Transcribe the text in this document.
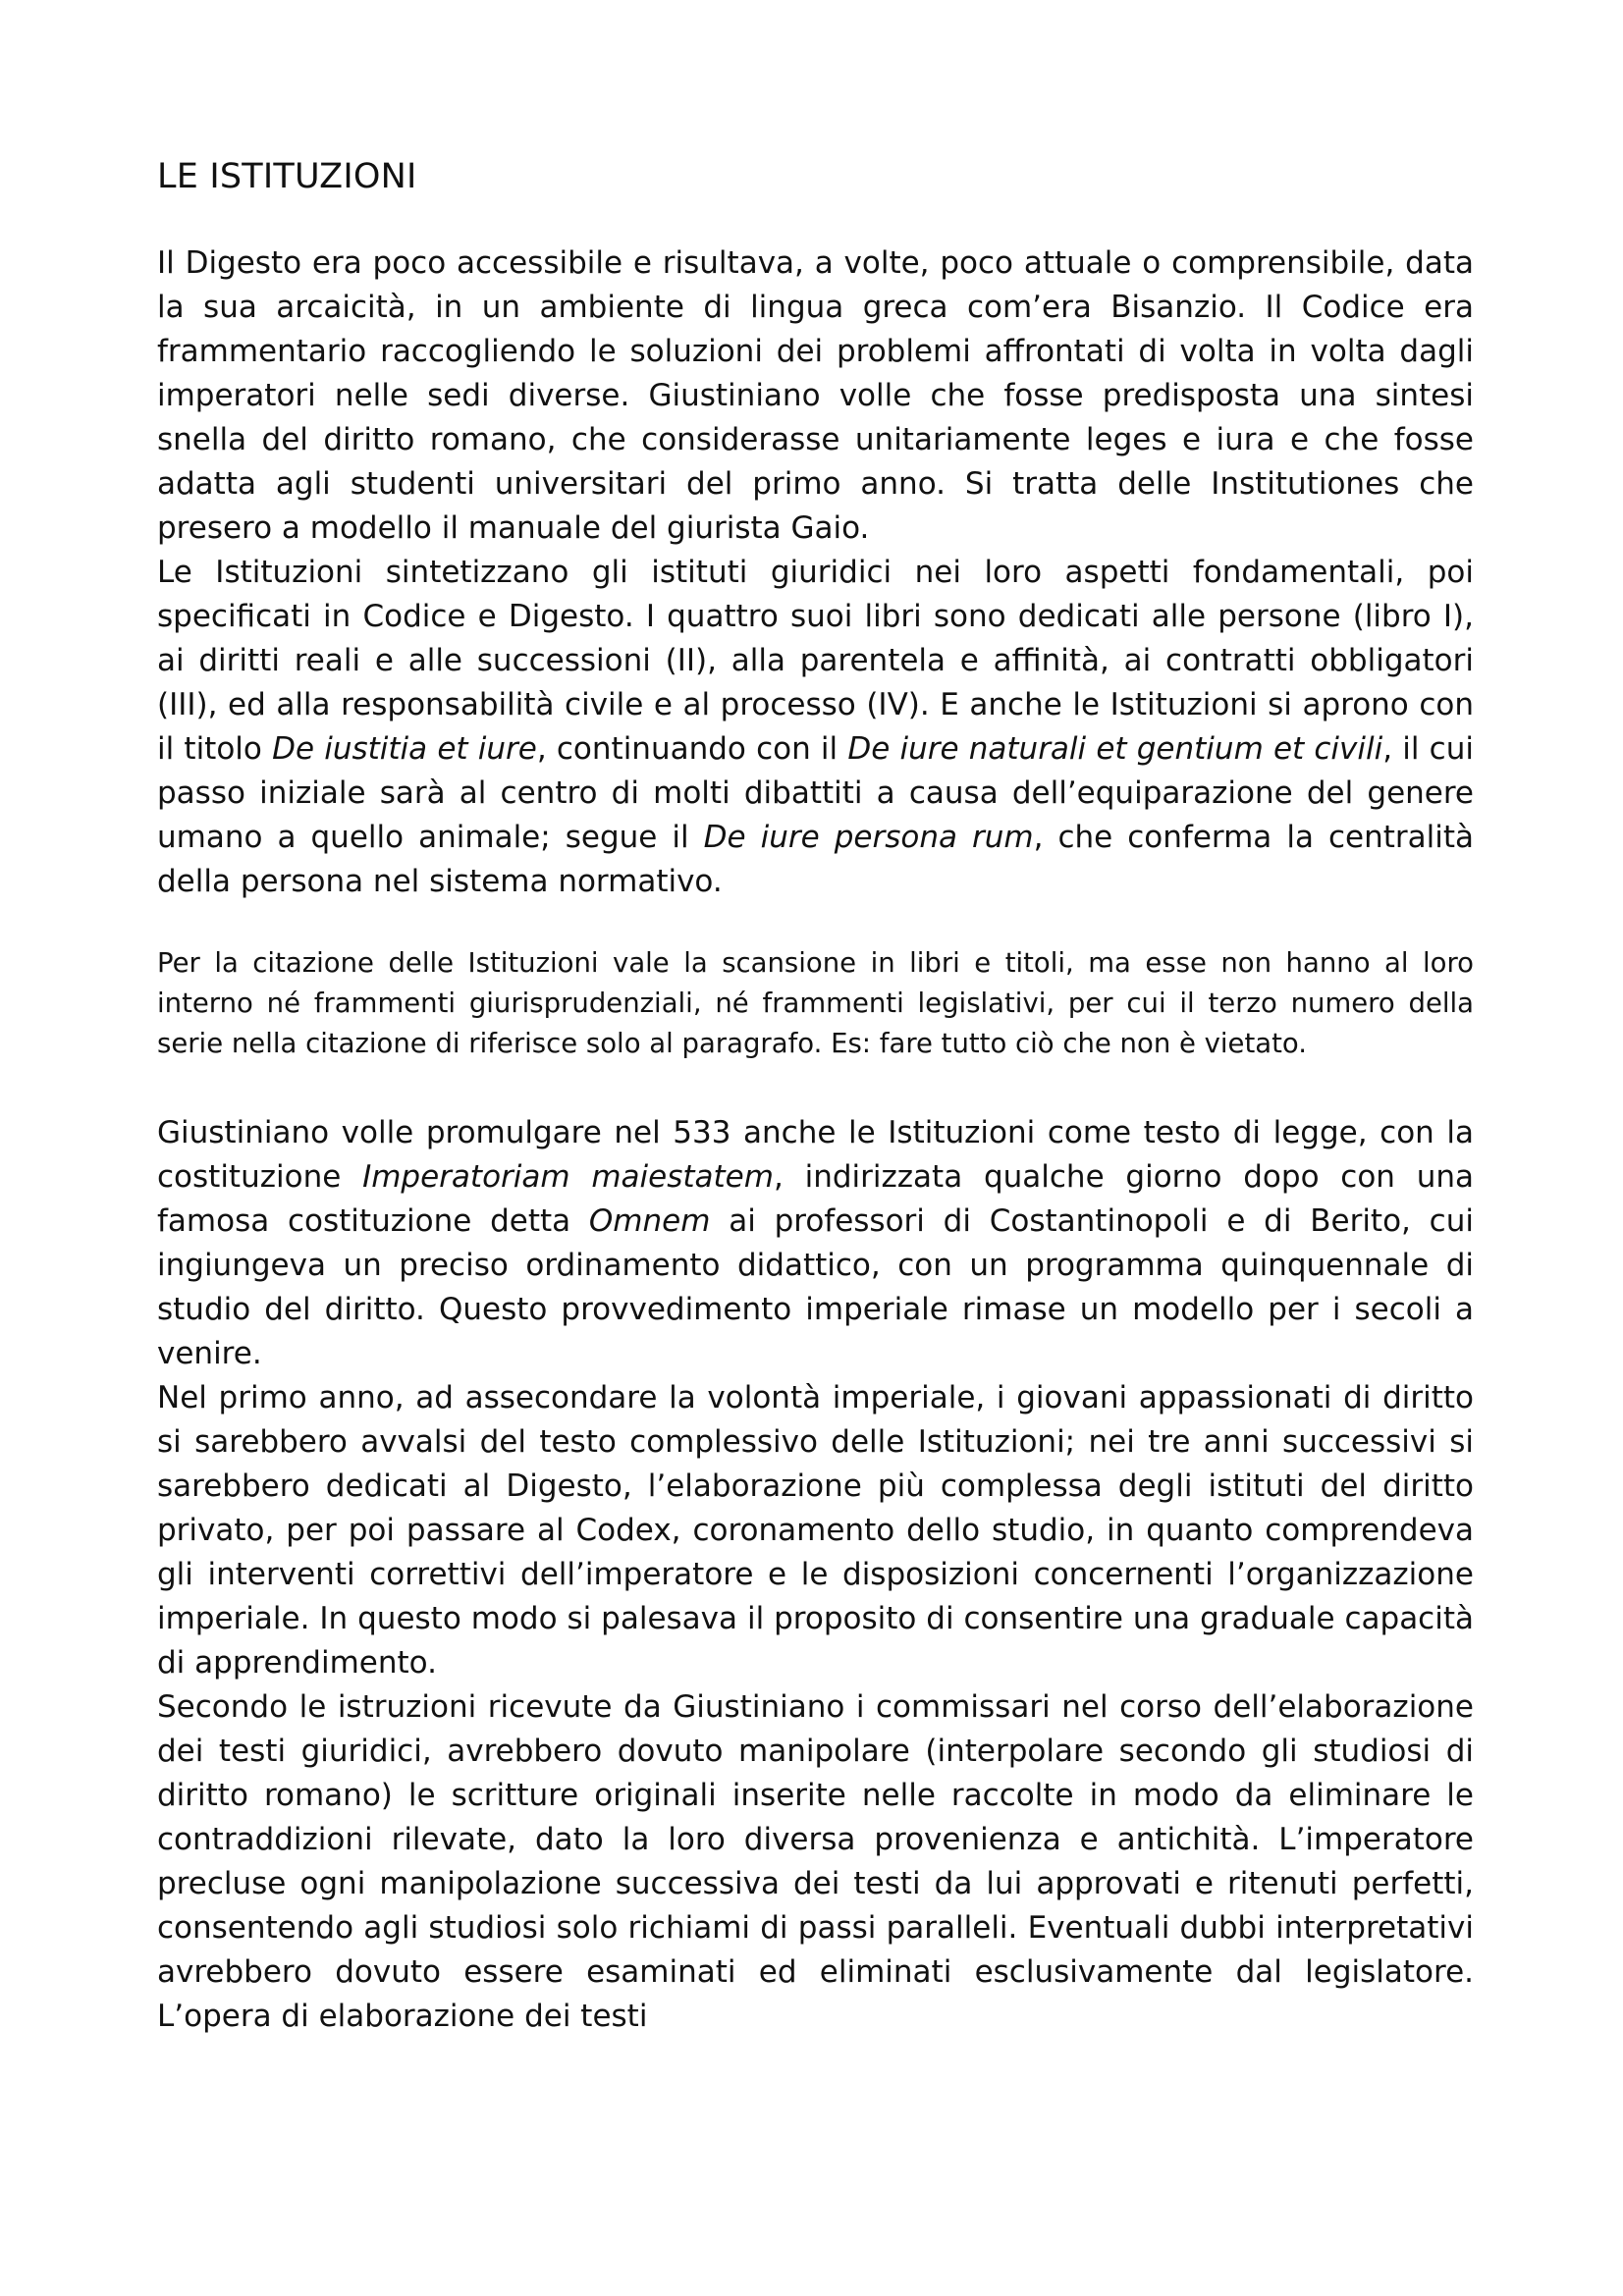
LE ISTITUZIONI

Il Digesto era poco accessibile e risultava, a volte, poco attuale o comprensibile, data la sua arcaicità, in un ambiente di lingua greca com’era Bisanzio. Il Codice era frammentario raccogliendo le soluzioni dei problemi affrontati di volta in volta dagli imperatori nelle sedi diverse. Giustiniano volle che fosse predisposta una sintesi snella del diritto romano, che considerasse unitariamente leges e iura e che fosse adatta agli studenti universitari del primo anno. Si tratta delle Institutiones che presero a modello il manuale del giurista Gaio.

Le Istituzioni sintetizzano gli istituti giuridici nei loro aspetti fondamentali, poi specificati in Codice e Digesto. I quattro suoi libri sono dedicati alle persone (libro I), ai diritti reali e alle successioni (II), alla parentela e affinità, ai contratti obbligatori (III), ed alla responsabilità civile e al processo (IV). E anche le Istituzioni si aprono con il titolo De iustitia et iure, continuando con il De iure naturali et gentium et civili, il cui passo iniziale sarà al centro di molti dibattiti a causa dell’equiparazione del genere umano a quello animale; segue il De iure persona rum, che conferma la centralità della persona nel sistema normativo.

Per la citazione delle Istituzioni vale la scansione in libri e titoli, ma esse non hanno al loro interno né frammenti giurisprudenziali, né frammenti legislativi, per cui il terzo numero della serie nella citazione di riferisce solo al paragrafo. Es: fare tutto ciò che non è vietato.

Giustiniano volle promulgare nel 533 anche le Istituzioni come testo di legge, con la costituzione Imperatoriam maiestatem, indirizzata qualche giorno dopo con una famosa costituzione detta Omnem ai professori di Costantinopoli e di Berito, cui ingiungeva un preciso ordinamento didattico, con un programma quinquennale di studio del diritto. Questo provvedimento imperiale rimase un modello per i secoli a venire.

Nel primo anno, ad assecondare la volontà imperiale, i giovani appassionati di diritto si sarebbero avvalsi del testo complessivo delle Istituzioni; nei tre anni successivi si sarebbero dedicati al Digesto, l’elaborazione più complessa degli istituti del diritto privato, per poi passare al Codex, coronamento dello studio, in quanto comprendeva gli interventi correttivi dell’imperatore e le disposizioni concernenti l’organizzazione imperiale. In questo modo si palesava il proposito di consentire una graduale capacità di apprendimento.

Secondo le istruzioni ricevute da Giustiniano i commissari nel corso dell’elaborazione dei testi giuridici, avrebbero dovuto manipolare (interpolare secondo gli studiosi di diritto romano) le scritture originali inserite nelle raccolte in modo da eliminare le contraddizioni rilevate, dato la loro diversa provenienza e antichità. L’imperatore precluse ogni manipolazione successiva dei testi da lui approvati e ritenuti perfetti, consentendo agli studiosi solo richiami di passi paralleli. Eventuali dubbi interpretativi avrebbero dovuto essere esaminati ed eliminati esclusivamente dal legislatore. L’opera di elaborazione dei testi
